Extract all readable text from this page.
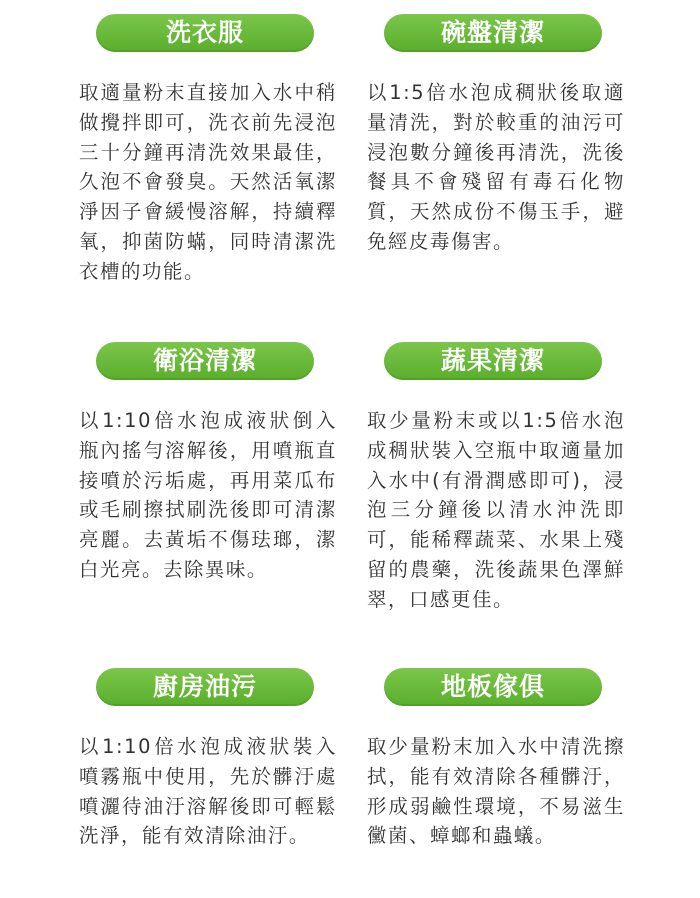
洗衣服
取適量粉末直接加入水中稍做攪拌即可，洗衣前先浸泡三十分鐘再清洗效果最佳，久泡不會發臭。天然活氧潔淨因子會緩慢溶解，持續釋氧，抑菌防蟎，同時清潔洗衣槽的功能。
碗盤清潔
以1:5倍水泡成稠狀後取適量清洗，對於較重的油污可浸泡數分鐘後再清洗，洗後餐具不會殘留有毒石化物質，天然成份不傷玉手，避免經皮毒傷害。
衛浴清潔
以1:10倍水泡成液狀倒入瓶內搖勻溶解後，用噴瓶直接噴於污垢處，再用菜瓜布或毛刷擦拭刷洗後即可清潔亮麗。去黃垢不傷珐瑯，潔白光亮。去除異味。
蔬果清潔
取少量粉末或以1:5倍水泡成稠狀裝入空瓶中取適量加入水中(有滑潤感即可)，浸泡三分鐘後以清水沖洗即可，能稀釋蔬菜、水果上殘留的農藥，洗後蔬果色澤鮮翠，口感更佳。
廚房油污
以1:10倍水泡成液狀裝入噴霧瓶中使用，先於髒汙處噴灑待油汙溶解後即可輕鬆洗淨，能有效清除油汙。
地板傢俱
取少量粉末加入水中清洗擦拭，能有效清除各種髒汙，形成弱鹼性環境，不易滋生黴菌、蟑螂和蟲蟻。
